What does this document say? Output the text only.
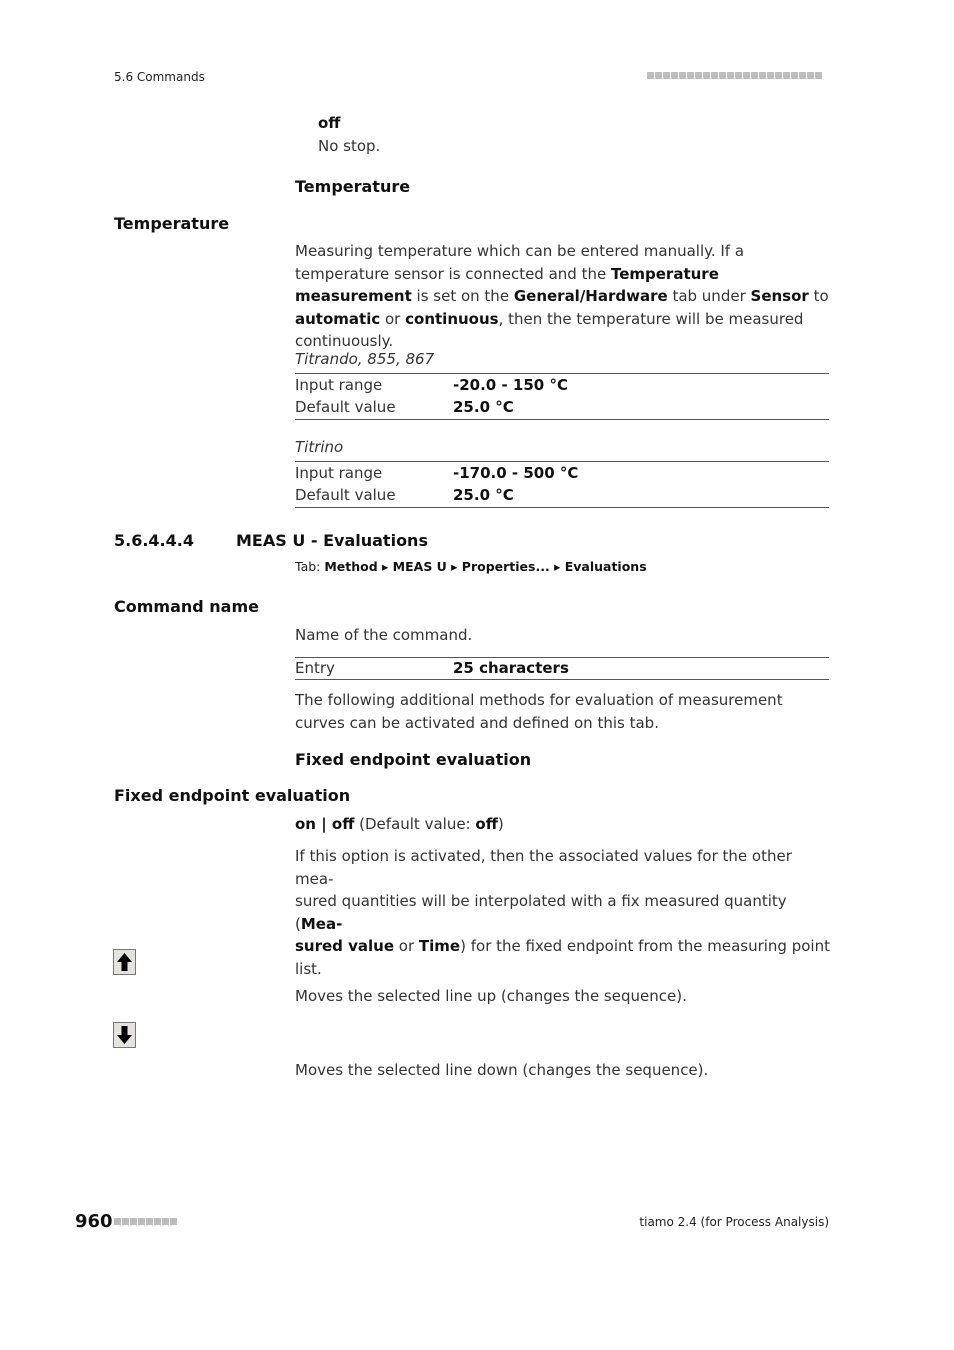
5.6 Commands
off
No stop.
Temperature
Temperature
Measuring temperature which can be entered manually. If a temperature sensor is connected and the Temperature measurement is set on the General/Hardware tab under Sensor to automatic or continuous, then the temperature will be measured continuously.
Titrando, 855, 867
Input range	-20.0 - 150 °C
Default value	25.0 °C
Titrino
Input range	-170.0 - 500 °C
Default value	25.0 °C
5.6.4.4.4	MEAS U - Evaluations
Tab: Method ▸ MEAS U ▸ Properties... ▸ Evaluations
Command name
Name of the command.
Entry	25 characters
The following additional methods for evaluation of measurement curves can be activated and defined on this tab.
Fixed endpoint evaluation
Fixed endpoint evaluation
on | off (Default value: off)
If this option is activated, then the associated values for the other mea-
sured quantities will be interpolated with a fix measured quantity (Mea-
sured value or Time) for the fixed endpoint from the measuring point
list.
Moves the selected line up (changes the sequence).
Moves the selected line down (changes the sequence).
960	tiamo 2.4 (for Process Analysis)
